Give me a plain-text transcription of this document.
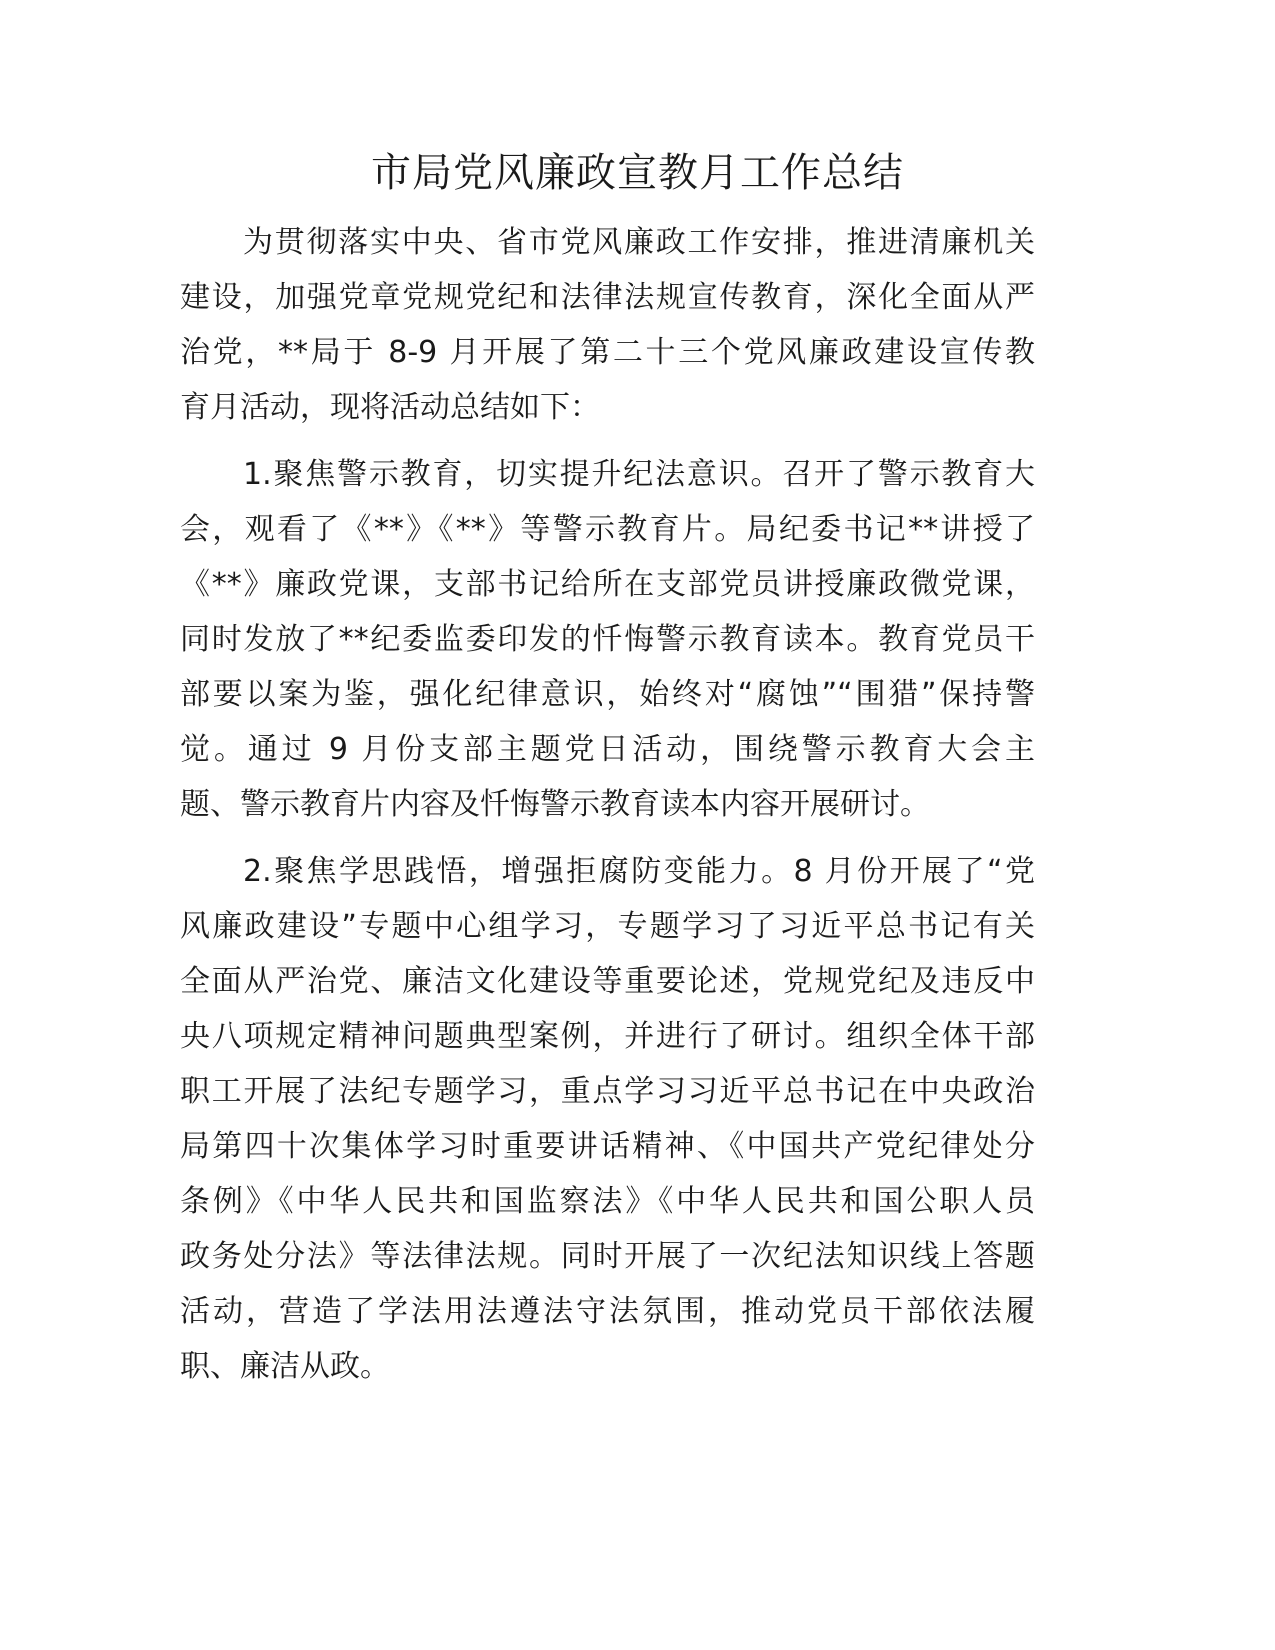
市局党风廉政宣教月工作总结
为贯彻落实中央、省市党风廉政工作安排，推进清廉机关
建设，加强党章党规党纪和法律法规宣传教育，深化全面从严
治党，**局于 8-9 月开展了第二十三个党风廉政建设宣传教
育月活动，现将活动总结如下：
1.聚焦警示教育，切实提升纪法意识。召开了警示教育大
会，观看了《**》《**》等警示教育片。局纪委书记**讲授了
《**》廉政党课，支部书记给所在支部党员讲授廉政微党课，
同时发放了**纪委监委印发的忏悔警示教育读本。教育党员干
部要以案为鉴，强化纪律意识，始终对“腐蚀”“围猎”保持警
觉。通过 9 月份支部主题党日活动，围绕警示教育大会主
题、警示教育片内容及忏悔警示教育读本内容开展研讨。
2.聚焦学思践悟，增强拒腐防变能力。8 月份开展了“党
风廉政建设”专题中心组学习，专题学习了习近平总书记有关
全面从严治党、廉洁文化建设等重要论述，党规党纪及违反中
央八项规定精神问题典型案例，并进行了研讨。组织全体干部
职工开展了法纪专题学习，重点学习习近平总书记在中央政治
局第四十次集体学习时重要讲话精神、《中国共产党纪律处分
条例》《中华人民共和国监察法》《中华人民共和国公职人员
政务处分法》等法律法规。同时开展了一次纪法知识线上答题
活动，营造了学法用法遵法守法氛围，推动党员干部依法履
职、廉洁从政。
